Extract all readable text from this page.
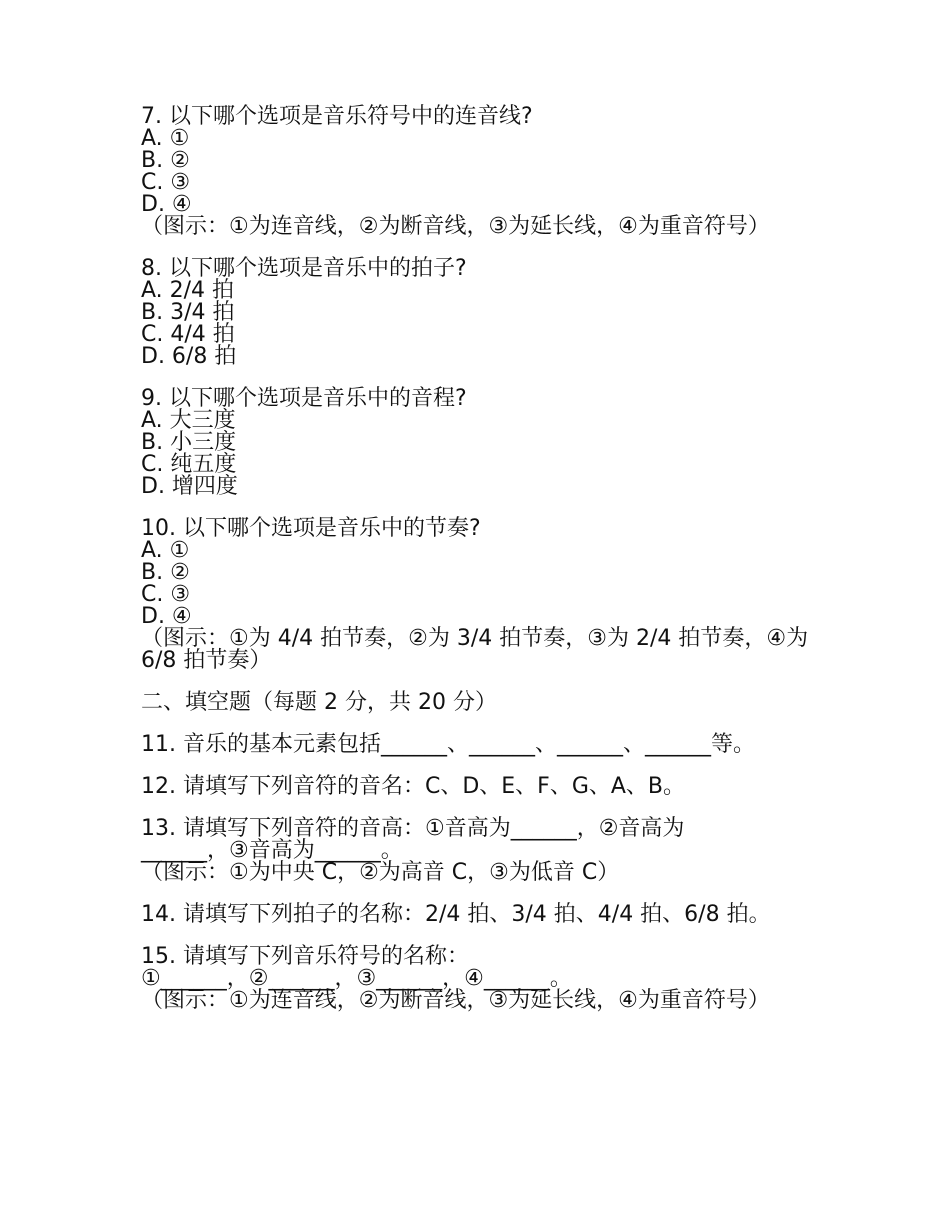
7. 以下哪个选项是音乐符号中的连音线?
A. ①
B. ②
C. ③
D. ④
（图示：①为连音线，②为断音线，③为延长线，④为重音符号）
8. 以下哪个选项是音乐中的拍子?
A. 2/4 拍
B. 3/4 拍
C. 4/4 拍
D. 6/8 拍
9. 以下哪个选项是音乐中的音程?
A. 大三度
B. 小三度
C. 纯五度
D. 增四度
10. 以下哪个选项是音乐中的节奏?
A. ①
B. ②
C. ③
D. ④
（图示：①为 4/4 拍节奏，②为 3/4 拍节奏，③为 2/4 拍节奏，④为 6/8 拍节奏）
二、填空题（每题 2 分，共 20 分）
11. 音乐的基本元素包括______、______、______、______等。
12. 请填写下列音符的音名：C、D、E、F、G、A、B。
13. 请填写下列音符的音高：①音高为______，②音高为
______，③音高为______。
（图示：①为中央 C，②为高音 C，③为低音 C）
14. 请填写下列拍子的名称：2/4 拍、3/4 拍、4/4 拍、6/8 拍。
15. 请填写下列音乐符号的名称：
①______，②______，③______，④______。
（图示：①为连音线，②为断音线，③为延长线，④为重音符号）
